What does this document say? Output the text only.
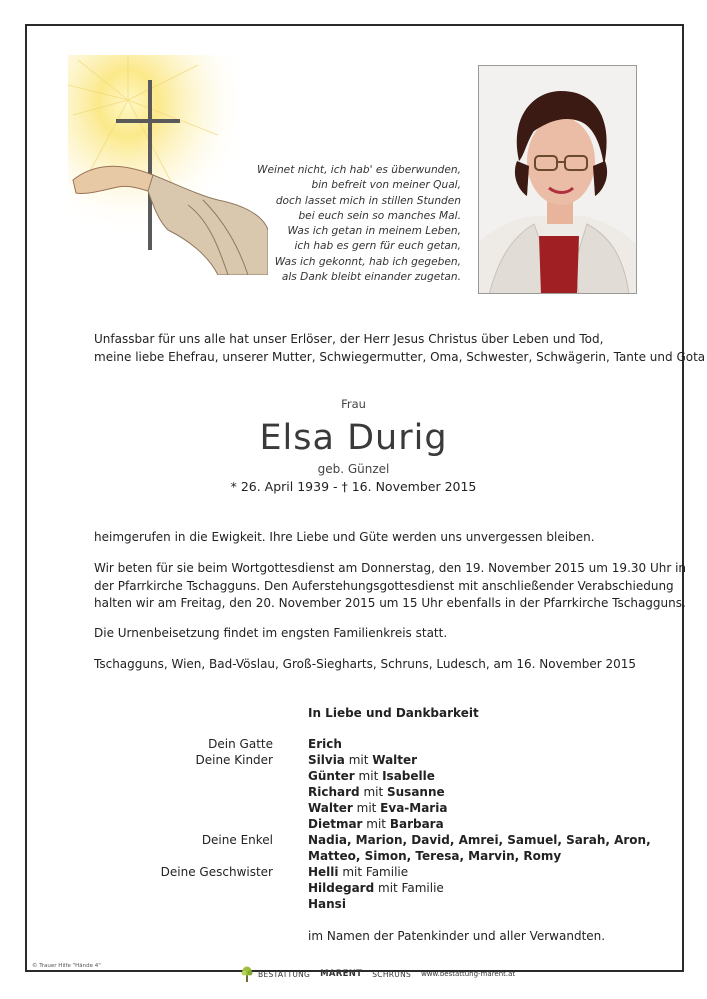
Weinet nicht, ich hab' es überwunden,
bin befreit von meiner Qual,
doch lasset mich in stillen Stunden
bei euch sein so manches Mal.
Was ich getan in meinem Leben,
ich hab es gern für euch getan,
Was ich gekonnt, hab ich gegeben,
als Dank bleibt einander zugetan.
Unfassbar für uns alle hat unser Erlöser, der Herr Jesus Christus über Leben und Tod,
meine liebe Ehefrau, unserer Mutter, Schwiegermutter, Oma, Schwester, Schwägerin, Tante und Gota
Frau
Elsa Durig
geb. Günzel
* 26. April 1939 - † 16. November 2015
heimgerufen in die Ewigkeit. Ihre Liebe und Güte werden uns unvergessen bleiben.
Wir beten für sie beim Wortgottesdienst am Donnerstag, den 19. November 2015 um 19.30 Uhr in
der Pfarrkirche Tschagguns. Den Auferstehungsgottesdienst mit anschließender Verabschiedung
halten wir am Freitag, den 20. November 2015 um 15 Uhr ebenfalls in der Pfarrkirche Tschagguns.
Die Urnenbeisetzung findet im engsten Familienkreis statt.
Tschagguns, Wien, Bad-Vöslau, Groß-Siegharts, Schruns, Ludesch, am 16. November 2015
In Liebe und Dankbarkeit
Dein Gatte	Erich
Deine Kinder	Silvia mit Walter
Günter mit Isabelle
Richard mit Susanne
Walter mit Eva-Maria
Dietmar mit Barbara
Deine Enkel	Nadia, Marion, David, Amrei, Samuel, Sarah, Aron,
Matteo, Simon, Teresa, Marvin, Romy
Deine Geschwister	Helli mit Familie
Hildegard mit Familie
Hansi
im Namen der Patenkinder und aller Verwandten.
© Trauer Hilfe "Hände 4"
BESTATTUNG MARENT SCHRUNS www.bestattung-marent.at
